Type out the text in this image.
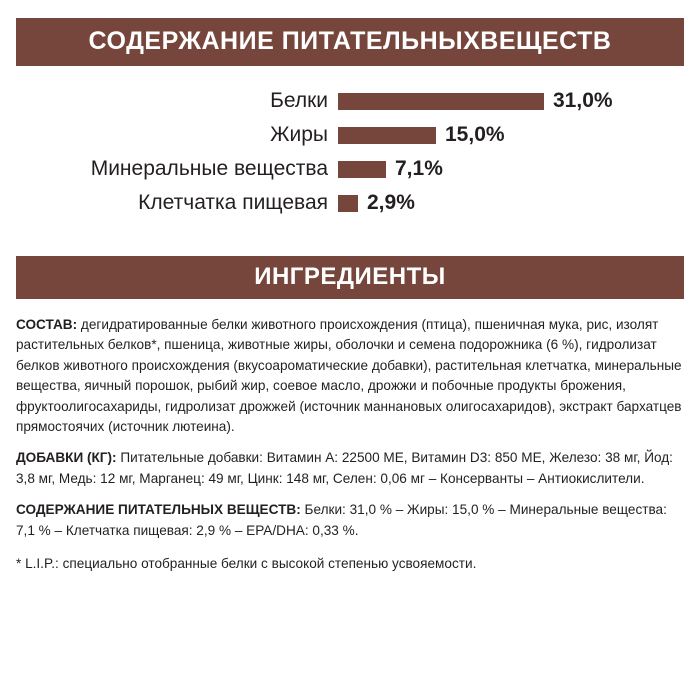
СОДЕРЖАНИЕ ПИТАТЕЛЬНЫХВЕЩЕСТВ
Белки	31,0%
Жиры	15,0%
Минеральные вещества	7,1%
Клетчатка пищевая	2,9%
ИНГРЕДИЕНТЫ

СОСТАВ: дегидратированные белки животного происхождения (птица), пшеничная мука, рис, изолят растительных белков*, пшеница, животные жиры, оболочки и семена подорожника (6 %), гидролизат белков животного происхождения (вкусоароматические добавки), растительная клетчатка, минеральные вещества, яичный порошок, рыбий жир, соевое масло, дрожжи и побочные продукты брожения, фруктоолигосахариды, гидролизат дрожжей (источник маннановых олигосахаридов), экстракт бархатцев прямостоячих (источник лютеина).

ДОБАВКИ (КГ): Питательные добавки: Витамин А: 22500 МЕ, Витамин D3: 850 МЕ, Железо: 38 мг, Йод: 3,8 мг, Медь: 12 мг, Марганец: 49 мг, Цинк: 148 мг, Селен: 0,06 мг – Консерванты – Антиокислители.

СОДЕРЖАНИЕ ПИТАТЕЛЬНЫХ ВЕЩЕСТВ: Белки: 31,0 % – Жиры: 15,0 % – Минеральные вещества: 7,1 % – Клетчатка пищевая: 2,9 % – EPA/DHA: 0,33 %.

* L.I.P.: специально отобранные белки с высокой степенью усвояемости.
